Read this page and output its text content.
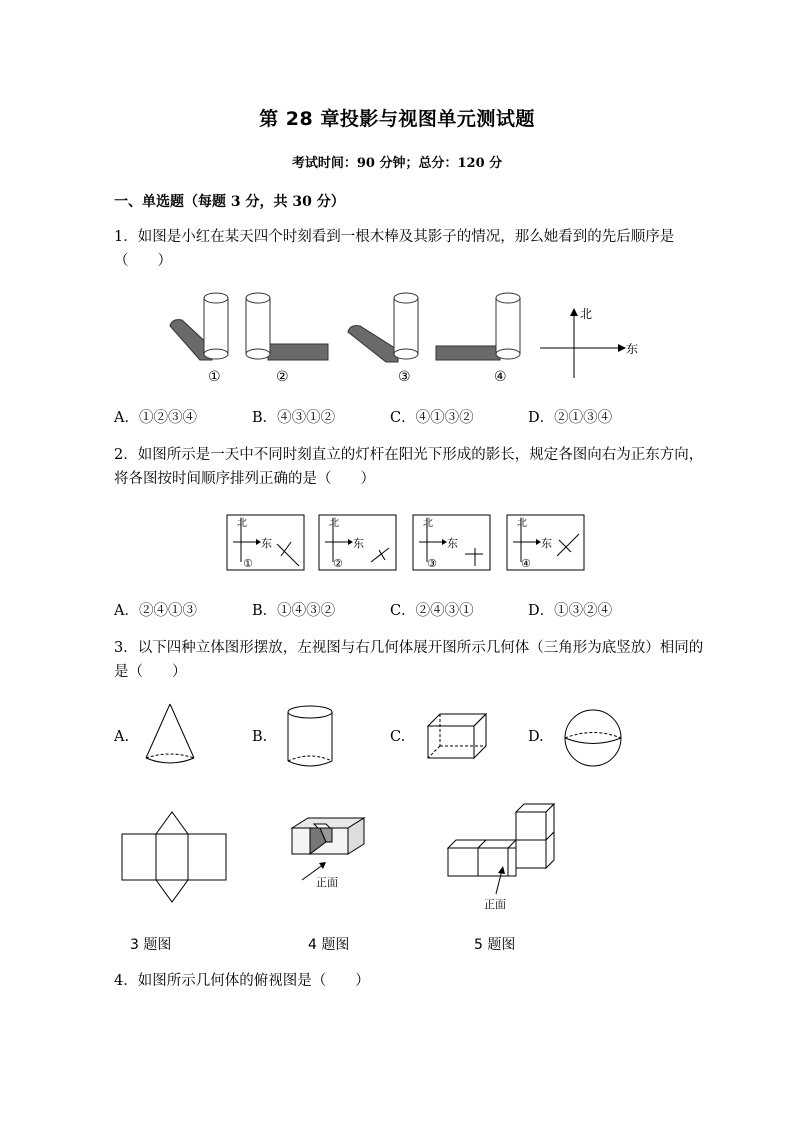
第 28 章投影与视图单元测试题
考试时间：90 分钟；总分：120 分
一、单选题（每题 3 分，共 30 分）
1．如图是小红在某天四个时刻看到一根木棒及其影子的情况，那么她看到的先后顺序是（　　）
①	②	③	④
北
东
A．①②③④	B．④③①②	C．④①③②	D．②①③④
2．如图所示是一天中不同时刻直立的灯杆在阳光下形成的影长，规定各图向右为正东方向，将各图按时间顺序排列正确的是（　　）
北
东
①
北
东
②
北
东
③
北
东
④
A．②④①③	B．①④③②	C．②④③①	D．①③②④
3．以下四种立体图形摆放，左视图与右几何体展开图所示几何体（三角形为底竖放）相同的是（　　）
A.	B.	C.	D.
正面
正面
3 题图	4 题图	5 题图
4．如图所示几何体的俯视图是（　　）
